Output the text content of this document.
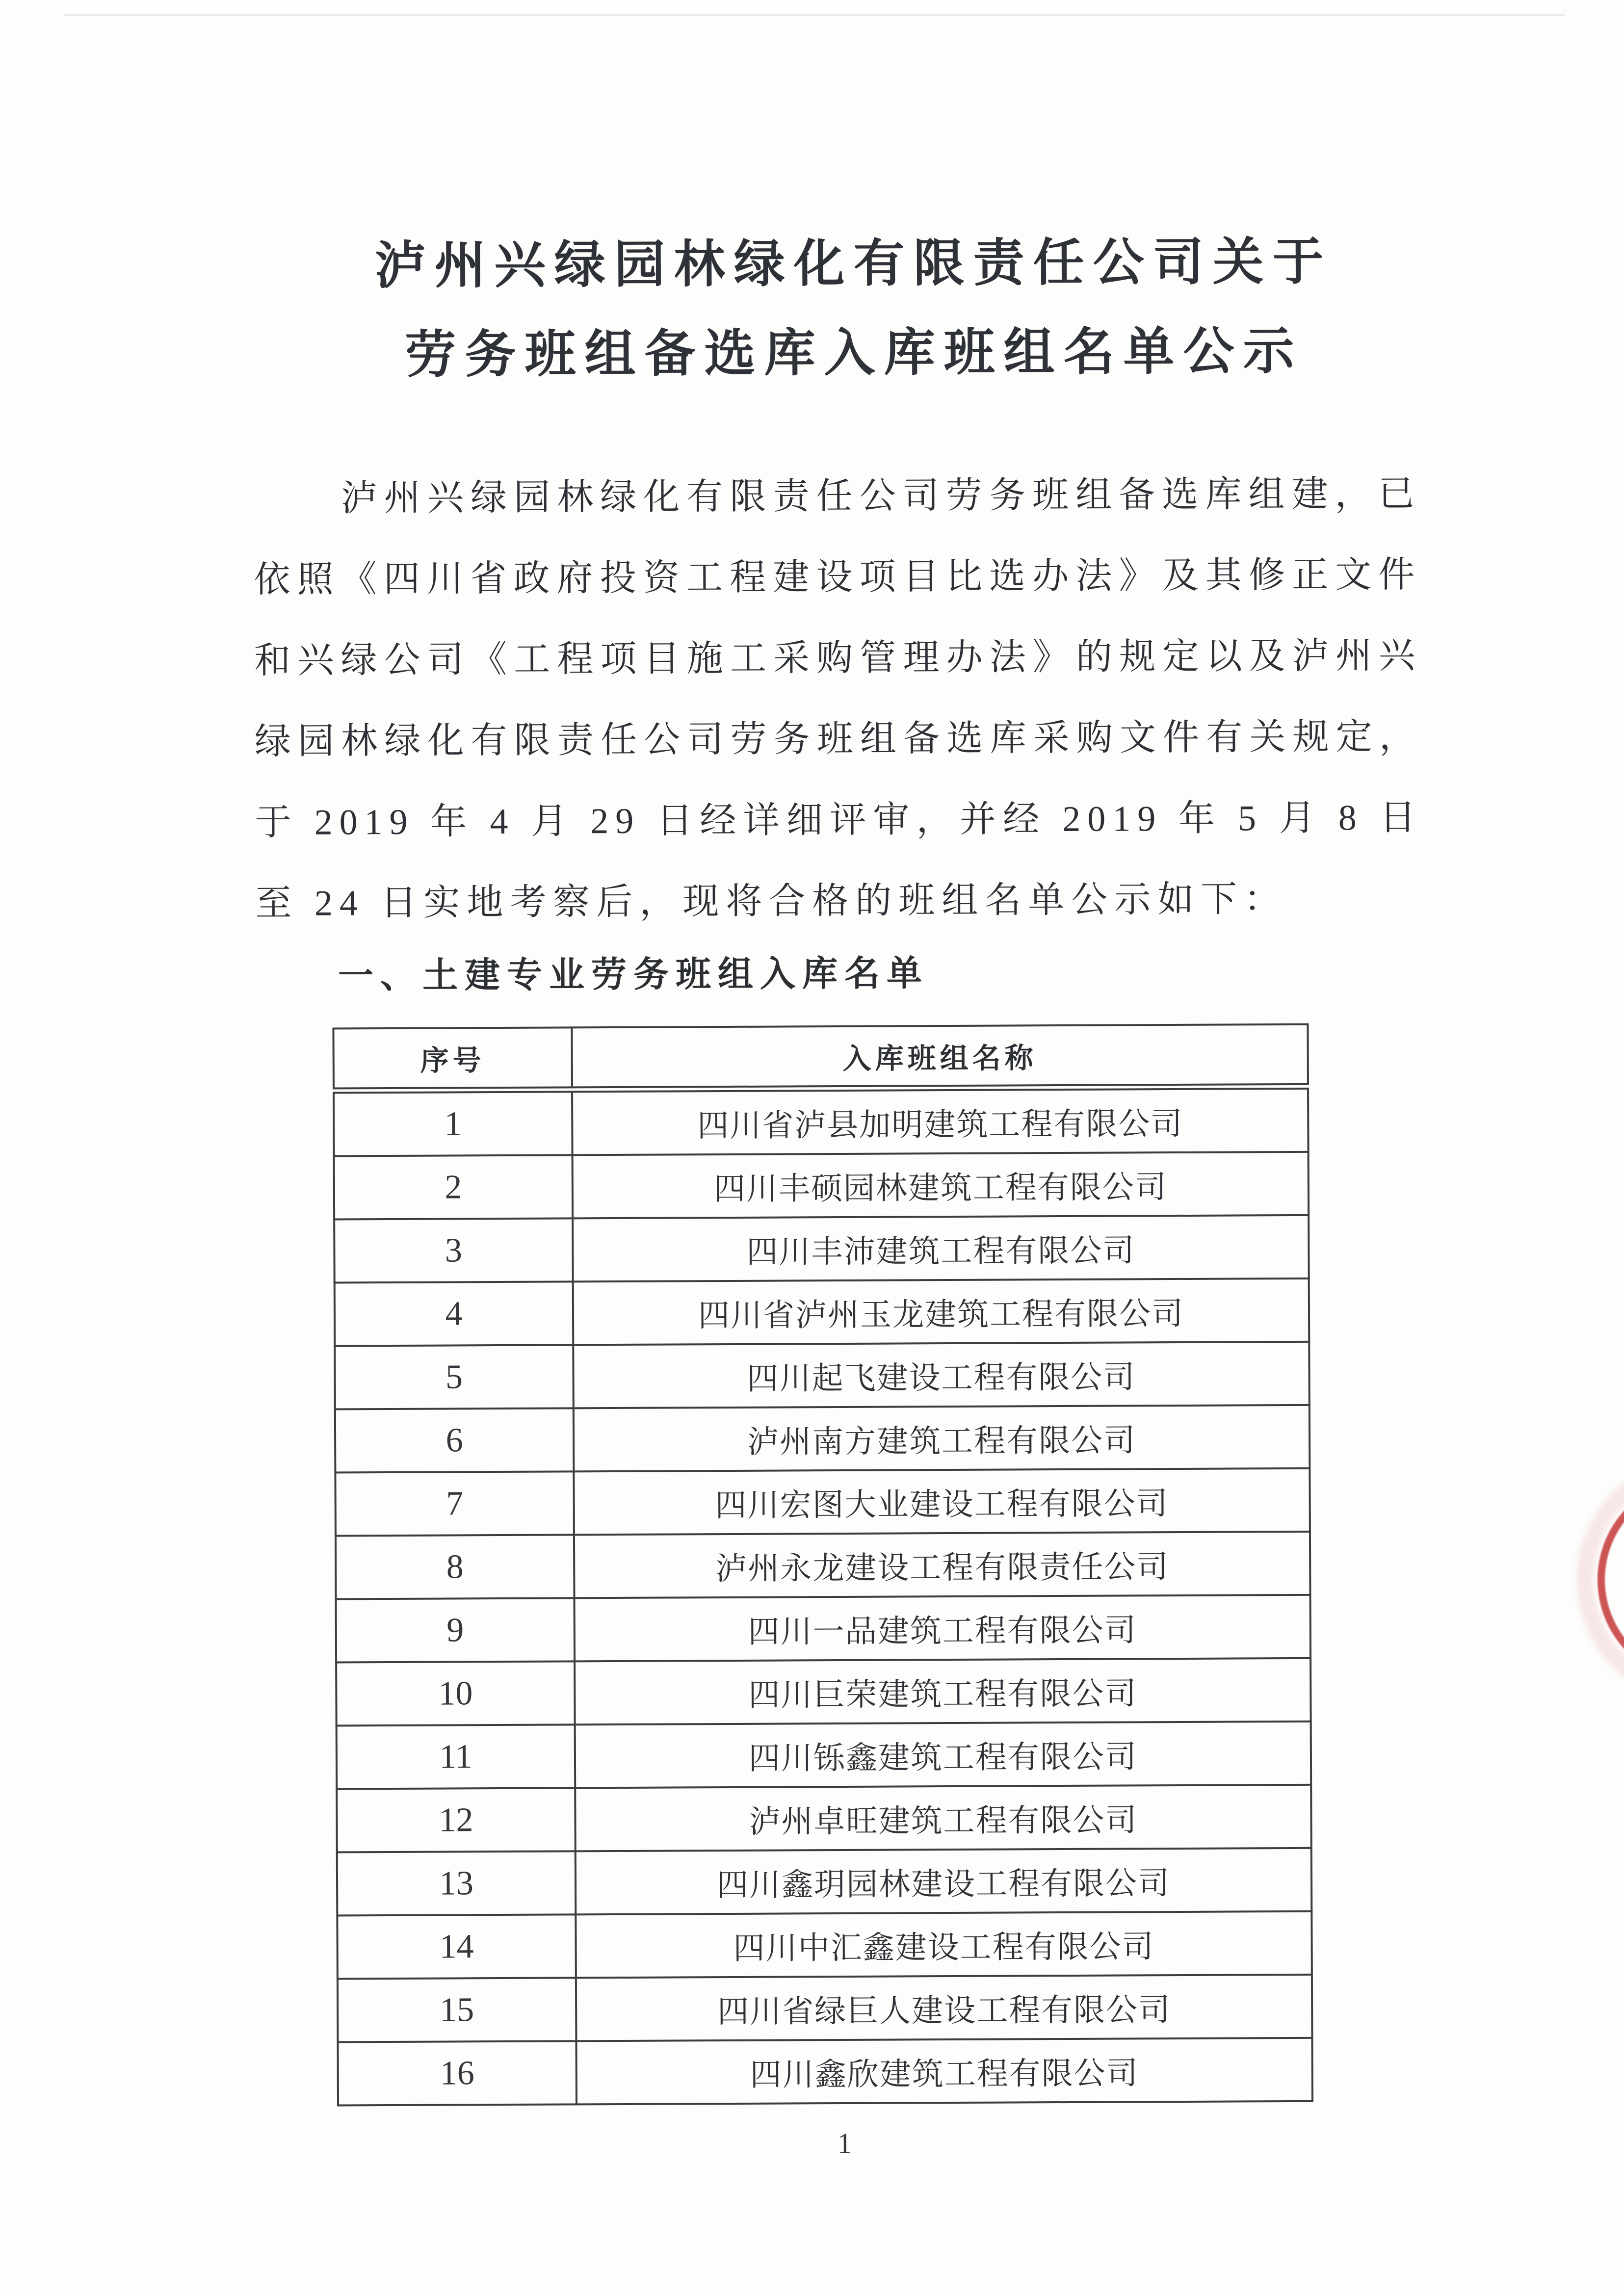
泸州兴绿园林绿化有限责任公司关于
劳务班组备选库入库班组名单公示

泸州兴绿园林绿化有限责任公司劳务班组备选库组建，已依照《四川省政府投资工程建设项目比选办法》及其修正文件和兴绿公司《工程项目施工采购管理办法》的规定以及泸州兴绿园林绿化有限责任公司劳务班组备选库采购文件有关规定，于 2019 年 4 月 29 日经详细评审，并经 2019 年 5 月 8 日至 24 日实地考察后，现将合格的班组名单公示如下：

一、土建专业劳务班组入库名单
序号	入库班组名称
1	四川省泸县加明建筑工程有限公司
2	四川丰硕园林建筑工程有限公司
3	四川丰沛建筑工程有限公司
4	四川省泸州玉龙建筑工程有限公司
5	四川起飞建设工程有限公司
6	泸州南方建筑工程有限公司
7	四川宏图大业建设工程有限公司
8	泸州永龙建设工程有限责任公司
9	四川一品建筑工程有限公司
10	四川巨荣建筑工程有限公司
11	四川铄鑫建筑工程有限公司
12	泸州卓旺建筑工程有限公司
13	四川鑫玥园林建设工程有限公司
14	四川中汇鑫建设工程有限公司
15	四川省绿巨人建设工程有限公司
16	四川鑫欣建筑工程有限公司
1
